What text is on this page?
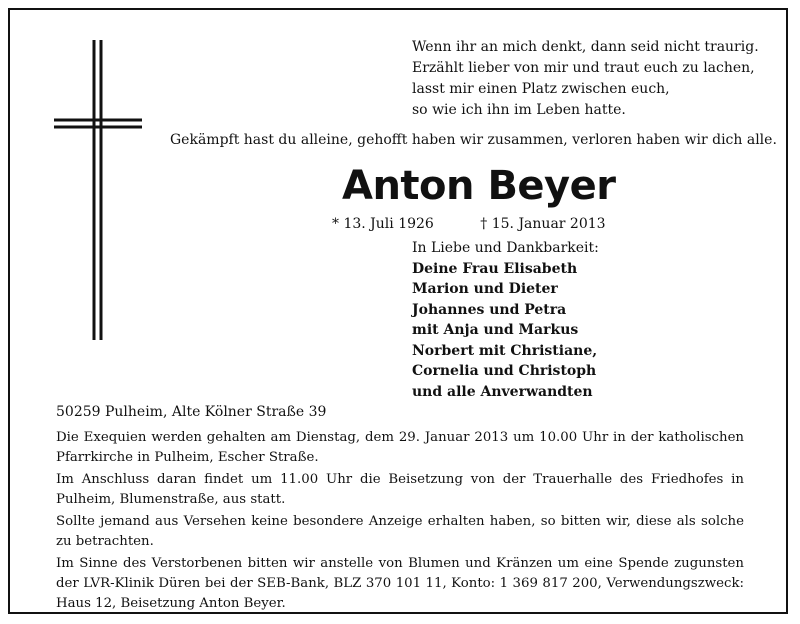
Wenn ihr an mich denkt, dann seid nicht traurig.
Erzählt lieber von mir und traut euch zu lachen,
lasst mir einen Platz zwischen euch,
so wie ich ihn im Leben hatte.
Gekämpft hast du alleine, gehofft haben wir zusammen, verloren haben wir dich alle.
Anton Beyer
* 13. Juli 1926	† 15. Januar 2013
In Liebe und Dankbarkeit:
Deine Frau Elisabeth
Marion und Dieter
Johannes und Petra
mit Anja und Markus
Norbert mit Christiane,
Cornelia und Christoph
und alle Anverwandten
50259 Pulheim, Alte Kölner Straße 39

Die Exequien werden gehalten am Dienstag, dem 29. Januar 2013 um 10.00 Uhr in der katholischen Pfarrkirche in Pulheim, Escher Straße.

Im Anschluss daran findet um 11.00 Uhr die Beisetzung von der Trauerhalle des Friedhofes in Pulheim, Blumenstraße, aus statt.

Sollte jemand aus Versehen keine besondere Anzeige erhalten haben, so bitten wir, diese als solche zu betrachten.

Im Sinne des Verstorbenen bitten wir anstelle von Blumen und Kränzen um eine Spende zugunsten der LVR-Klinik Düren bei der SEB-Bank, BLZ 370 101 11, Konto: 1 369 817 200, Verwendungszweck: Haus 12, Beisetzung Anton Beyer.
